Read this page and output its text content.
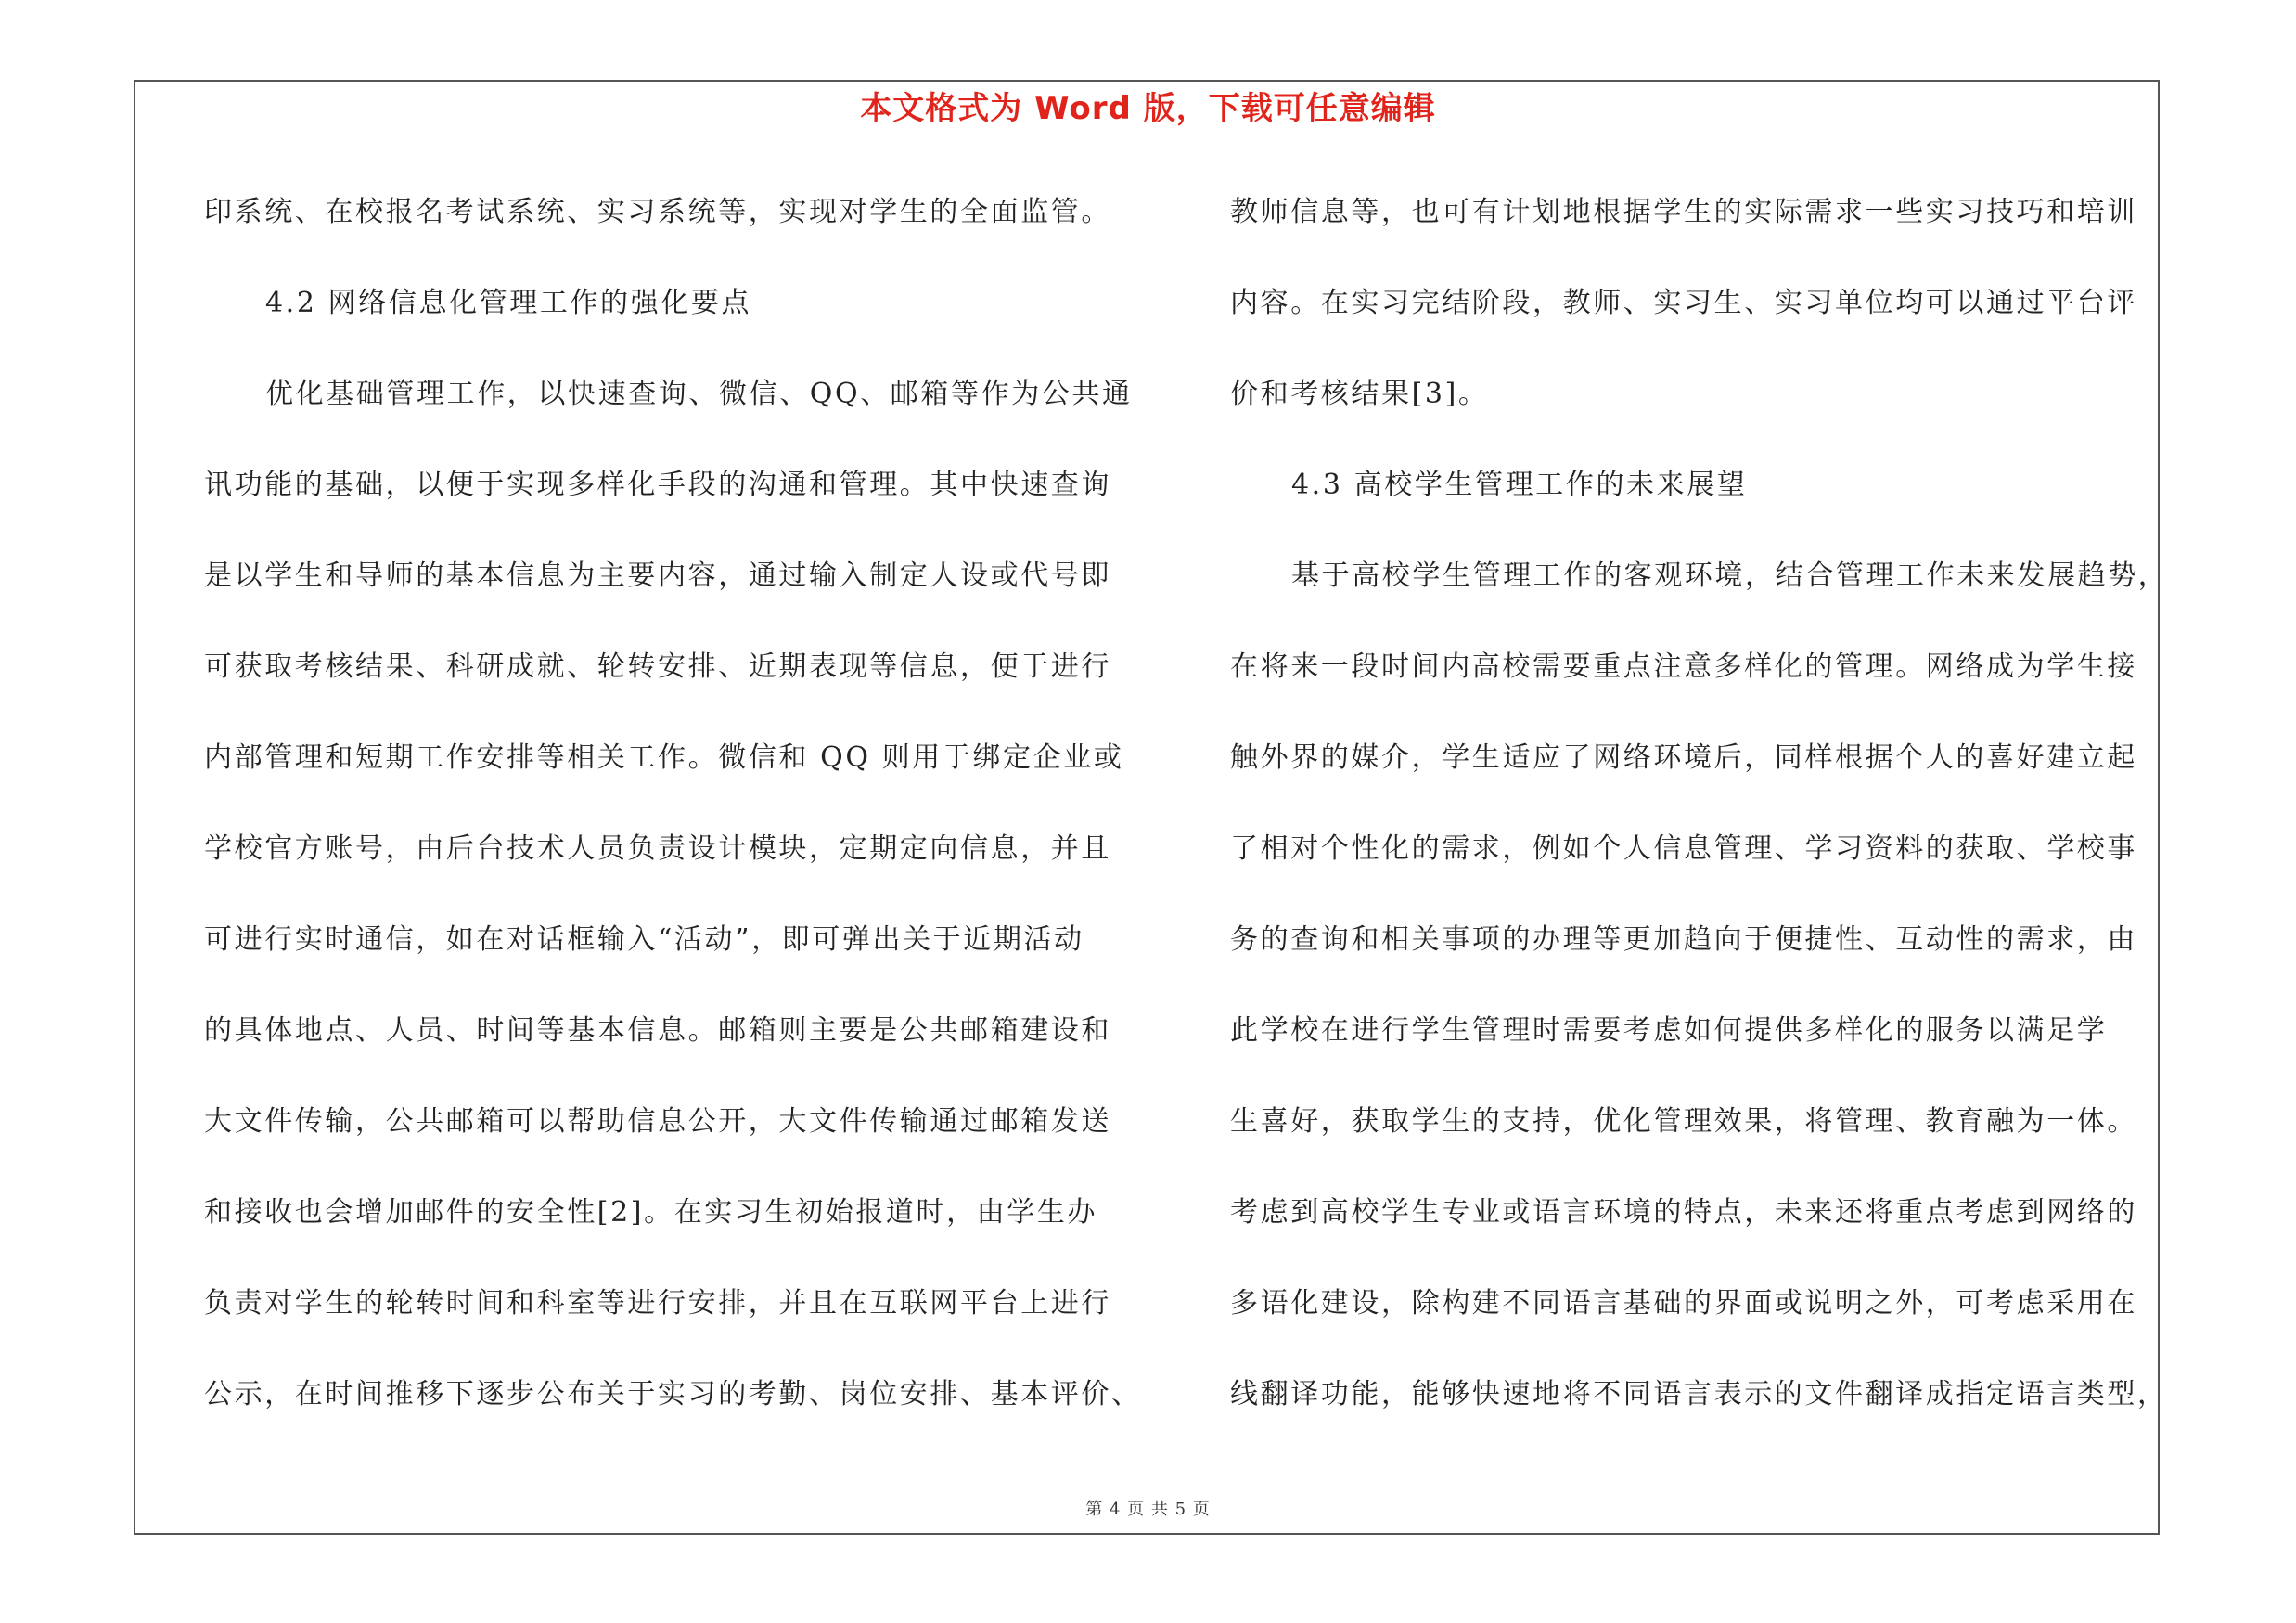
本文格式为 Word 版，下载可任意编辑
印系统、在校报名考试系统、实习系统等，实现对学生的全面监管。
4.2 网络信息化管理工作的强化要点
优化基础管理工作，以快速查询、微信、QQ、邮箱等作为公共通
讯功能的基础，以便于实现多样化手段的沟通和管理。其中快速查询
是以学生和导师的基本信息为主要内容，通过输入制定人设或代号即
可获取考核结果、科研成就、轮转安排、近期表现等信息，便于进行
内部管理和短期工作安排等相关工作。微信和 QQ 则用于绑定企业或
学校官方账号，由后台技术人员负责设计模块，定期定向信息，并且
可进行实时通信，如在对话框输入“活动”，即可弹出关于近期活动
的具体地点、人员、时间等基本信息。邮箱则主要是公共邮箱建设和
大文件传输，公共邮箱可以帮助信息公开，大文件传输通过邮箱发送
和接收也会增加邮件的安全性[2]。在实习生初始报道时，由学生办
负责对学生的轮转时间和科室等进行安排，并且在互联网平台上进行
公示，在时间推移下逐步公布关于实习的考勤、岗位安排、基本评价、
教师信息等，也可有计划地根据学生的实际需求一些实习技巧和培训
内容。在实习完结阶段，教师、实习生、实习单位均可以通过平台评
价和考核结果[3]。
4.3 高校学生管理工作的未来展望
基于高校学生管理工作的客观环境，结合管理工作未来发展趋势，
在将来一段时间内高校需要重点注意多样化的管理。网络成为学生接
触外界的媒介，学生适应了网络环境后，同样根据个人的喜好建立起
了相对个性化的需求，例如个人信息管理、学习资料的获取、学校事
务的查询和相关事项的办理等更加趋向于便捷性、互动性的需求，由
此学校在进行学生管理时需要考虑如何提供多样化的服务以满足学
生喜好，获取学生的支持，优化管理效果，将管理、教育融为一体。
考虑到高校学生专业或语言环境的特点，未来还将重点考虑到网络的
多语化建设，除构建不同语言基础的界面或说明之外，可考虑采用在
线翻译功能，能够快速地将不同语言表示的文件翻译成指定语言类型，
第 4 页 共 5 页
